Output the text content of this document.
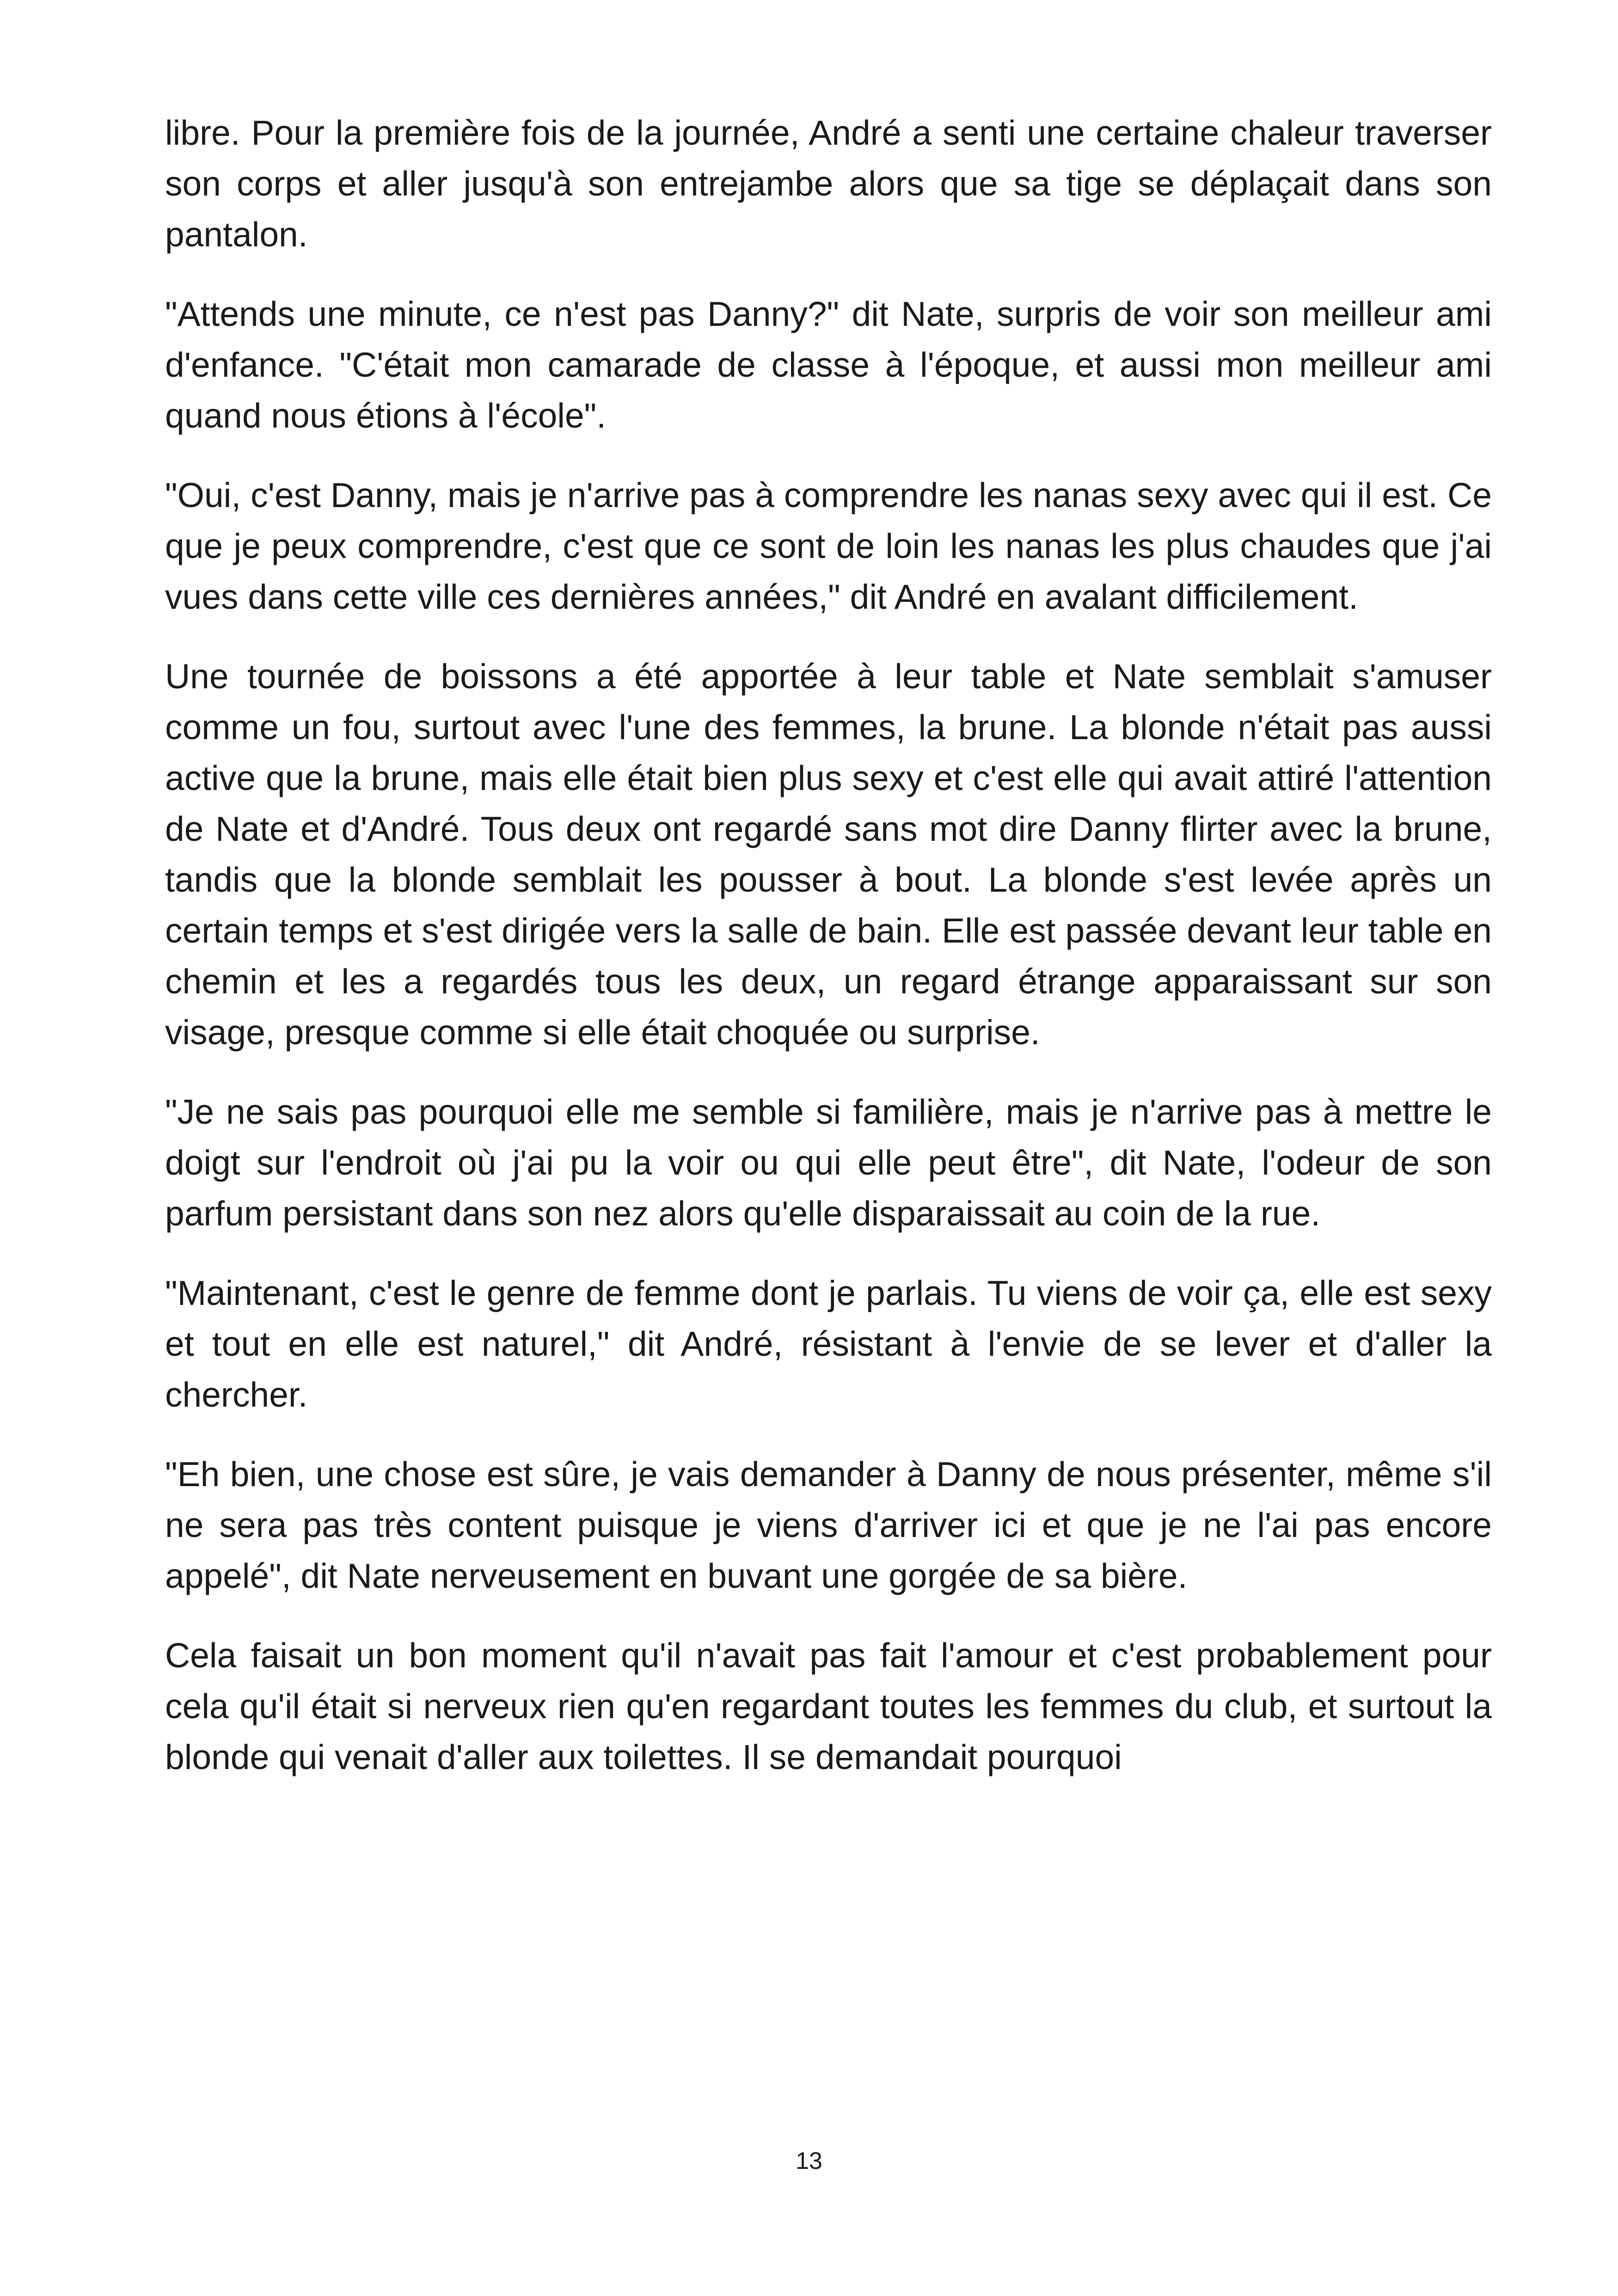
libre. Pour la première fois de la journée, André a senti une certaine chaleur traverser son corps et aller jusqu'à son entrejambe alors que sa tige se déplaçait dans son pantalon.

"Attends une minute, ce n'est pas Danny?" dit Nate, surpris de voir son meilleur ami d'enfance. "C'était mon camarade de classe à l'époque, et aussi mon meilleur ami quand nous étions à l'école".

"Oui, c'est Danny, mais je n'arrive pas à comprendre les nanas sexy avec qui il est. Ce que je peux comprendre, c'est que ce sont de loin les nanas les plus chaudes que j'ai vues dans cette ville ces dernières années," dit André en avalant difficilement.

Une tournée de boissons a été apportée à leur table et Nate semblait s'amuser comme un fou, surtout avec l'une des femmes, la brune. La blonde n'était pas aussi active que la brune, mais elle était bien plus sexy et c'est elle qui avait attiré l'attention de Nate et d'André. Tous deux ont regardé sans mot dire Danny flirter avec la brune, tandis que la blonde semblait les pousser à bout. La blonde s'est levée après un certain temps et s'est dirigée vers la salle de bain. Elle est passée devant leur table en chemin et les a regardés tous les deux, un regard étrange apparaissant sur son visage, presque comme si elle était choquée ou surprise.

"Je ne sais pas pourquoi elle me semble si familière, mais je n'arrive pas à mettre le doigt sur l'endroit où j'ai pu la voir ou qui elle peut être", dit Nate, l'odeur de son parfum persistant dans son nez alors qu'elle disparaissait au coin de la rue.

"Maintenant, c'est le genre de femme dont je parlais. Tu viens de voir ça, elle est sexy et tout en elle est naturel," dit André, résistant à l'envie de se lever et d'aller la chercher.

"Eh bien, une chose est sûre, je vais demander à Danny de nous présenter, même s'il ne sera pas très content puisque je viens d'arriver ici et que je ne l'ai pas encore appelé", dit Nate nerveusement en buvant une gorgée de sa bière.

Cela faisait un bon moment qu'il n'avait pas fait l'amour et c'est probablement pour cela qu'il était si nerveux rien qu'en regardant toutes les femmes du club, et surtout la blonde qui venait d'aller aux toilettes. Il se demandait pourquoi

13
